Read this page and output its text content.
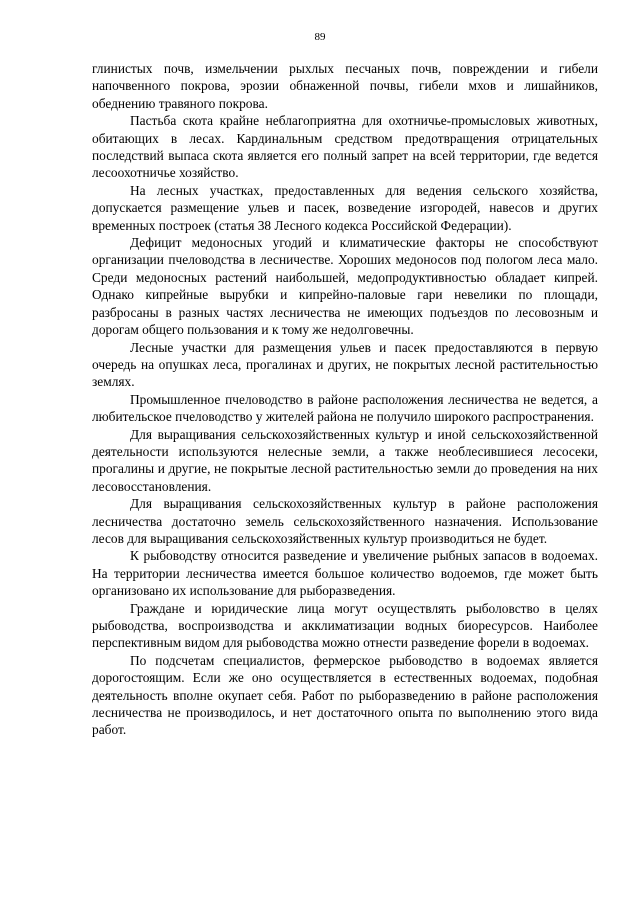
89

глинистых почв, измельчении рыхлых песчаных почв, повреждении и гибели напочвенного покрова, эрозии обнаженной почвы, гибели мхов и лишайников, обеднению травяного покрова.

Пастьба скота крайне неблагоприятна для охотничье-промысловых животных, обитающих в лесах. Кардинальным средством предотвращения отрицательных последствий выпаса скота является его полный запрет на всей территории, где ведется лесоохотничье хозяйство.

На лесных участках, предоставленных для ведения сельского хозяйства, допускается размещение ульев и пасек, возведение изгородей, навесов и других временных построек (статья 38 Лесного кодекса Российской Федерации).

Дефицит медоносных угодий и климатические факторы не способствуют организации пчеловодства в лесничестве. Хороших медоносов под пологом леса мало. Среди медоносных растений наибольшей, медопродуктивностью обладает кипрей. Однако кипрейные вырубки и кипрейно-паловые гари невелики по площади, разбросаны в разных частях лесничества не имеющих подъездов по лесовозным и дорогам общего пользования и к тому же недолговечны.

Лесные участки для размещения ульев и пасек предоставляются в первую очередь на опушках леса, прогалинах и других, не покрытых лесной растительностью землях.

Промышленное пчеловодство в районе расположения лесничества не ведется, а любительское пчеловодство у жителей района не получило широкого распространения.

Для выращивания сельскохозяйственных культур и иной сельскохозяйственной деятельности используются нелесные земли, а также необлесившиеся лесосеки, прогалины и другие, не покрытые лесной растительностью земли до проведения на них лесовосстановления.

Для выращивания сельскохозяйственных культур в районе расположения лесничества достаточно земель сельскохозяйственного назначения. Использование лесов для выращивания сельскохозяйственных культур производиться не будет.

К рыбоводству относится разведение и увеличение рыбных запасов в водоемах. На территории лесничества имеется большое количество водоемов, где может быть организовано их использование для рыборазведения.

Граждане и юридические лица могут осуществлять рыболовство в целях рыбоводства, воспроизводства и акклиматизации водных биоресурсов. Наиболее перспективным видом для рыбоводства можно отнести разведение форели в водоемах.

По подсчетам специалистов, фермерское рыбоводство в водоемах является дорогостоящим. Если же оно осуществляется в естественных водоемах, подобная деятельность вполне окупает себя. Работ по рыборазведению в районе расположения лесничества не производилось, и нет достаточного опыта по выполнению этого вида работ.
